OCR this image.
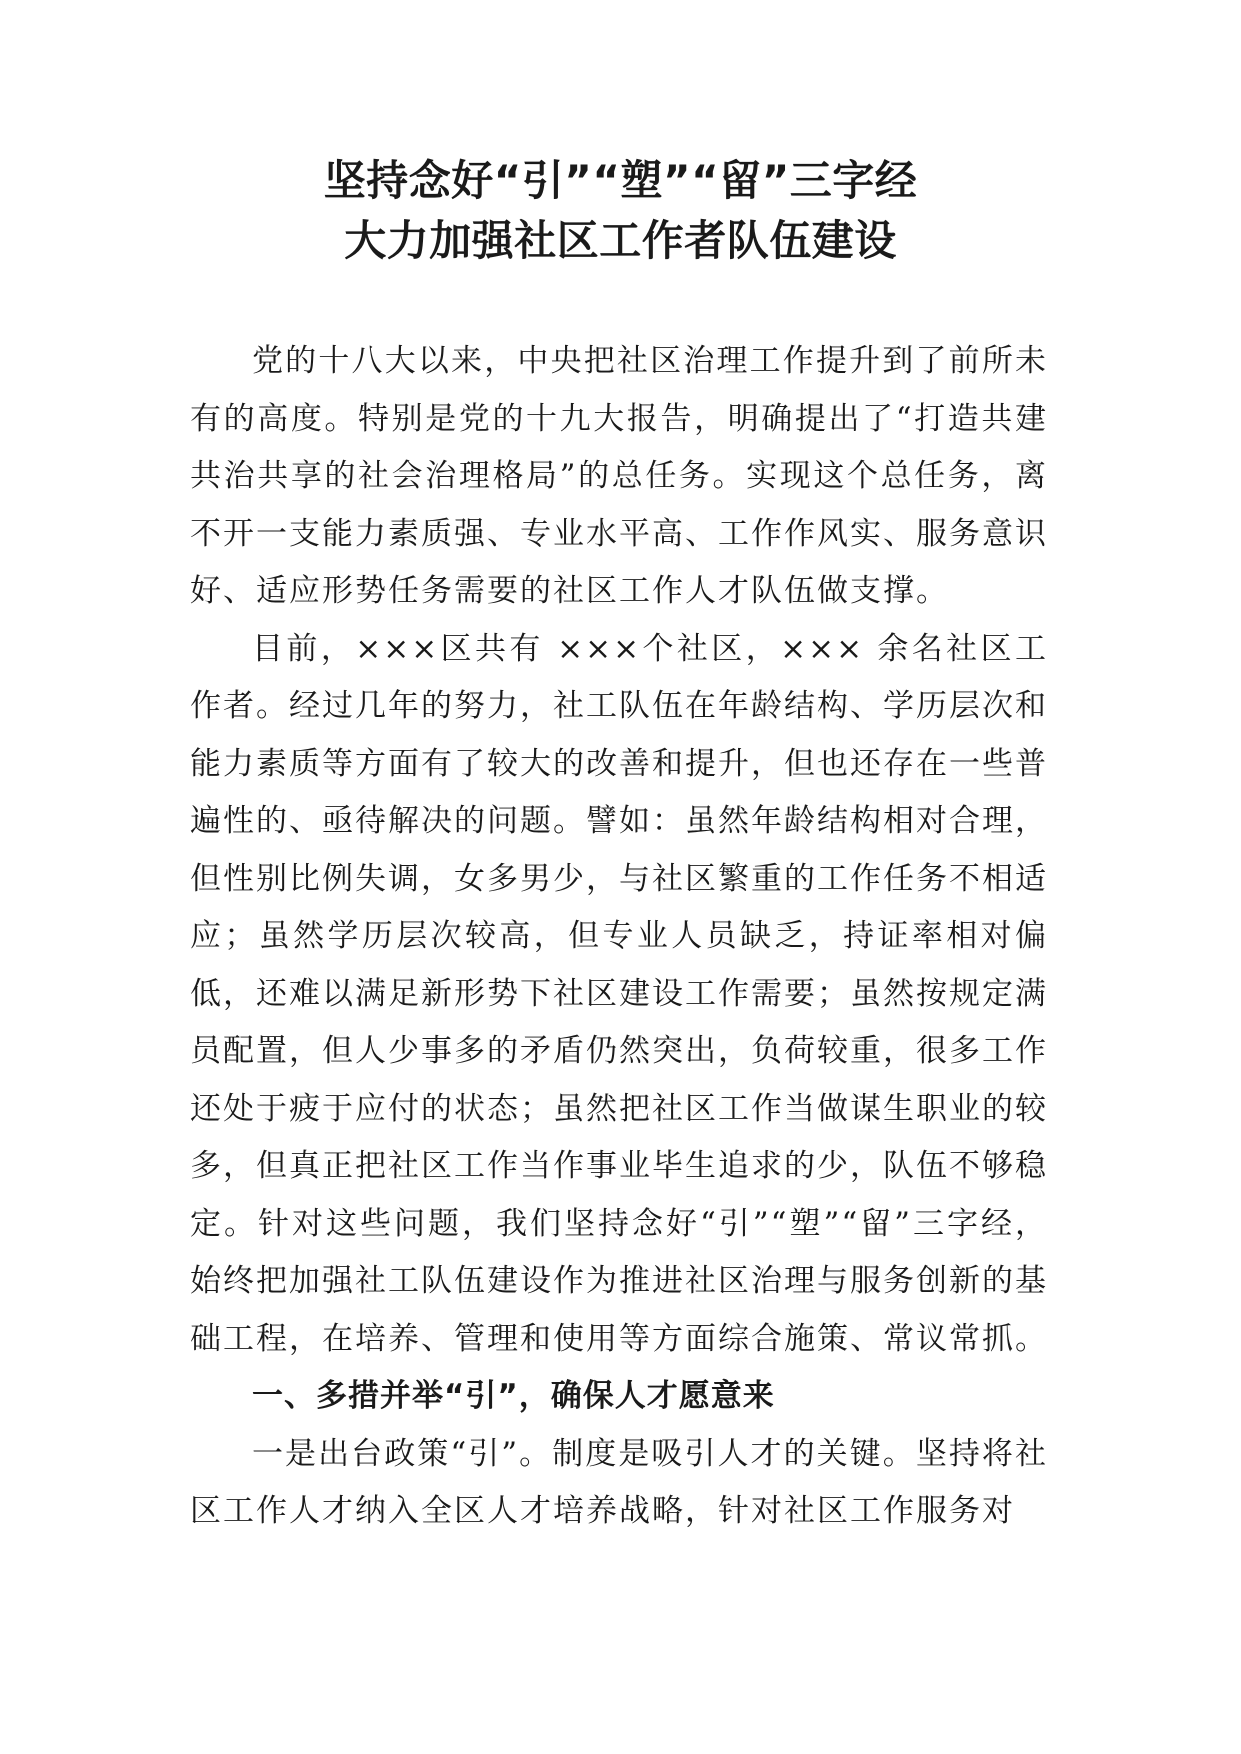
坚持念好“引”“塑”“留”三字经
大力加强社区工作者队伍建设

党的十八大以来，中央把社区治理工作提升到了前所未有的高度。特别是党的十九大报告，明确提出了“打造共建共治共享的社会治理格局”的总任务。实现这个总任务，离不开一支能力素质强、专业水平高、工作作风实、服务意识好、适应形势任务需要的社区工作人才队伍做支撑。

目前，×××区共有 ×××个社区，××× 余名社区工作者。经过几年的努力，社工队伍在年龄结构、学历层次和能力素质等方面有了较大的改善和提升，但也还存在一些普遍性的、亟待解决的问题。譬如：虽然年龄结构相对合理，但性别比例失调，女多男少，与社区繁重的工作任务不相适应；虽然学历层次较高，但专业人员缺乏，持证率相对偏低，还难以满足新形势下社区建设工作需要；虽然按规定满员配置，但人少事多的矛盾仍然突出，负荷较重，很多工作还处于疲于应付的状态；虽然把社区工作当做谋生职业的较多，但真正把社区工作当作事业毕生追求的少，队伍不够稳定。针对这些问题，我们坚持念好“引”“塑”“留”三字经，始终把加强社工队伍建设作为推进社区治理与服务创新的基础工程，在培养、管理和使用等方面综合施策、常议常抓。

一、多措并举“引”，确保人才愿意来

一是出台政策“引”。制度是吸引人才的关键。坚持将社区工作人才纳入全区人才培养战略，针对社区工作服务对
